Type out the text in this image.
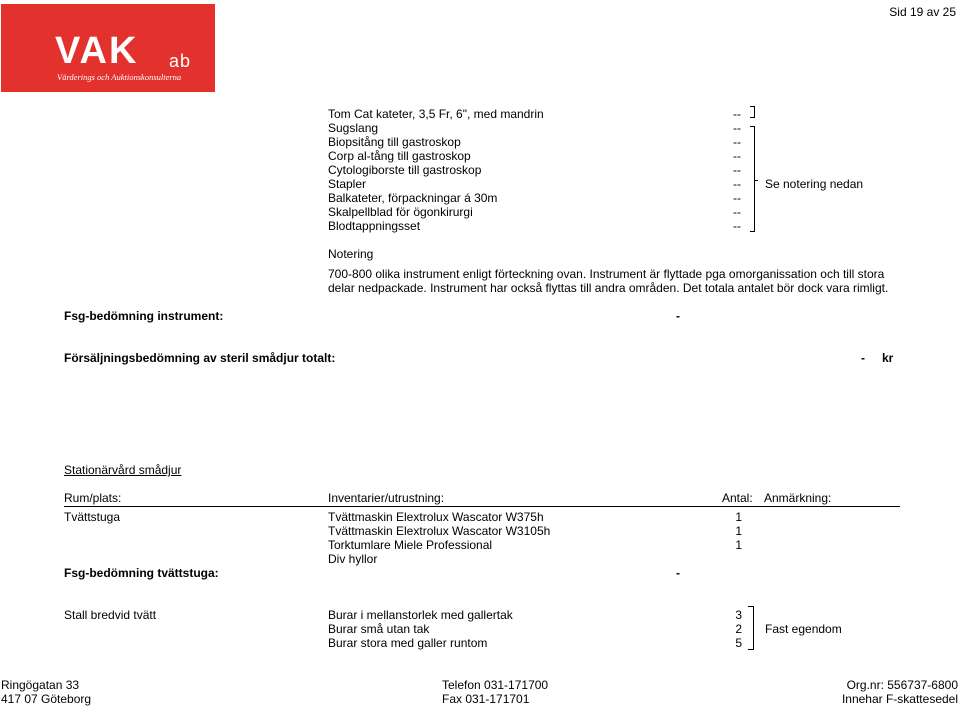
Sid 19 av 25
VAK ab
Värderings och Auktionskonsulterna
Tom Cat kateter, 3,5 Fr, 6", med mandrin	--
Sugslang	--
Biopsitång till gastroskop	--
Corp al-tång till gastroskop	--
Cytologiborste till gastroskop	--
Stapler	--
Balkateter, förpackningar á 30m	--
Skalpellblad för ögonkirurgi	--
Blodtappningsset	--
Se notering nedan
Notering
700-800 olika instrument enligt förteckning ovan. Instrument är flyttade pga omorganissation och till stora
delar nedpackade. Instrument har också flyttas till andra områden. Det totala antalet bör dock vara rimligt.
Fsg-bedömning instrument:	-
Försäljningsbedömning av steril smådjur totalt:	- kr
Stationärvård smådjur
Rum/plats:	Inventarier/utrustning:	Antal: Anmärkning:
Tvättstuga	Tvättmaskin Elextrolux Wascator W375h	1
Tvättmaskin Elextrolux Wascator W3105h	1
Torktumlare Miele Professional	1
Div hyllor
Fsg-bedömning tvättstuga:	-
Stall bredvid tvätt	Burar i mellanstorlek med gallertak	3
Burar små utan tak	2
Burar stora med galler runtom	5
Fast egendom
Ringögatan 33
417 07 Göteborg
Telefon 031-171700
Fax 031-171701
Org.nr: 556737-6800
Innehar F-skattesedel
